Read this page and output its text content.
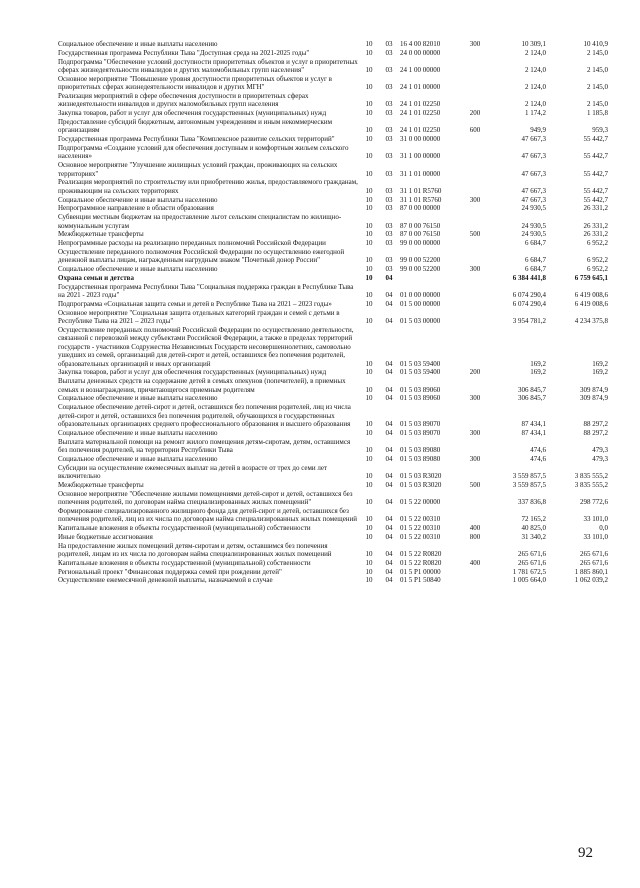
Социальное обеспечение и иные выплаты населению	10	03	16 4 00 82010	300	10 309,1	10 410,9
Государственная программа Республики Тыва "Доступная среда на 2021-2025 годы"	10	03	24 0 00 00000		2 124,0	2 145,0
Подпрограмма "Обеспечение условий доступности приоритетных объектов и услуг в приоритетных сферах жизнедеятельности инвалидов и других маломобильных групп населения"	10	03	24 1 00 00000		2 124,0	2 145,0
Основное мероприятие "Повышение уровня доступности приоритетных объектов и услуг в приоритетных сферах жизнедеятельности инвалидов и других МГН"	10	03	24 1 01 00000		2 124,0	2 145,0
Реализация мероприятий в сфере обеспечения доступности в приоритетных сферах жизнедеятельности инвалидов и других маломобильных групп населения	10	03	24 1 01 02250		2 124,0	2 145,0
Закупка товаров, работ и услуг для обеспечения государственных (муниципальных) нужд	10	03	24 1 01 02250	200	1 174,2	1 185,8
Предоставление субсидий бюджетным, автономным учреждениям и иным некоммерческим организациям	10	03	24 1 01 02250	600	949,9	959,3
Государственная программа Республики Тыва "Комплексное развитие сельских территорий"	10	03	31 0 00 00000		47 667,3	55 442,7
Подпрограмма «Создание условий для обеспечения доступным и комфортным жильем сельского населения»	10	03	31 1 00 00000		47 667,3	55 442,7
Основное мероприятие "Улучшение жилищных условий граждан, проживающих на сельских территориях"	10	03	31 1 01 00000		47 667,3	55 442,7
Реализация мероприятий по строительству или приобретению жилья, предоставляемого гражданам, проживающим на сельских территориях	10	03	31 1 01 R5760		47 667,3	55 442,7
Социальное обеспечение и иные выплаты населению	10	03	31 1 01 R5760	300	47 667,3	55 442,7
Непрограммное направление в области образования	10	03	87 0 00 00000		24 930,5	26 331,2
Субвенции местным бюджетам на предоставление льгот сельским специалистам по жилищно-коммунальным услугам	10	03	87 0 00 76150		24 930,5	26 331,2
Межбюджетные трансферты	10	03	87 0 00 76150	500	24 930,5	26 331,2
Непрограммные расходы на реализацию переданных полномочий Российской Федерации	10	03	99 0 00 00000		6 684,7	6 952,2
Осуществление переданного полномочия Российской Федерации по осуществлению ежегодной денежной выплаты лицам, награжденным нагрудным знаком "Почетный донор России"	10	03	99 0 00 52200		6 684,7	6 952,2
Социальное обеспечение и иные выплаты населению	10	03	99 0 00 52200	300	6 684,7	6 952,2
Охрана семьи и детства	10	04			6 384 441,8	6 759 645,1
Государственная программа Республики Тыва "Социальная поддержка граждан в Республике Тыва на 2021 - 2023 годы"	10	04	01 0 00 00000		6 074 290,4	6 419 008,6
Подпрограмма «Социальная защита семьи и детей в Республике Тыва на 2021 – 2023 годы»	10	04	01 5 00 00000		6 074 290,4	6 419 008,6
Основное мероприятие "Социальная защита отдельных категорий граждан и семей с детьми в Республике Тыва на 2021 – 2023 годы"	10	04	01 5 03 00000		3 954 781,2	4 234 375,8
Осуществление переданных полномочий Российской Федерации по осуществлению деятельности, связанной с перевозкой между субъектами Российской Федерации, а также в пределах территорий государств - участников Содружества Независимых Государств несовершеннолетних, самовольно ушедших из семей, организаций для детей-сирот и детей, оставшихся без попечения родителей, образовательных организаций и иных организаций	10	04	01 5 03 59400		169,2	169,2
Закупка товаров, работ и услуг для обеспечения государственных (муниципальных) нужд	10	04	01 5 03 59400	200	169,2	169,2
Выплаты денежных средств на содержание детей в семьях опекунов (попечителей), в приемных семьях и вознаграждения, причитающегося приемным родителям	10	04	01 5 03 89060		306 845,7	309 874,9
Социальное обеспечение и иные выплаты населению	10	04	01 5 03 89060	300	306 845,7	309 874,9
Социальное обеспечение детей-сирот и детей, оставшихся без попечения родителей, лиц из числа детей-сирот и детей, оставшихся без попечения родителей, обучающихся в государственных образовательных организациях среднего профессионального образования и высшего образования	10	04	01 5 03 89070		87 434,1	88 297,2
Социальное обеспечение и иные выплаты населению	10	04	01 5 03 89070	300	87 434,1	88 297,2
Выплата материальной помощи на ремонт жилого помещения детям-сиротам, детям, оставшимся без попечения родителей, на территории Республики Тыва	10	04	01 5 03 89080		474,6	479,3
Социальное обеспечение и иные выплаты населению	10	04	01 5 03 89080	300	474,6	479,3
Субсидии на осуществление ежемесячных выплат на детей в возрасте от трех до семи лет включительно	10	04	01 5 03 R3020		3 559 857,5	3 835 555,2
Межбюджетные трансферты	10	04	01 5 03 R3020	500	3 559 857,5	3 835 555,2
Основное мероприятие "Обеспечение жилыми помещениями детей-сирот и детей, оставшихся без попечения родителей, по договорам найма специализированных жилых помещений"	10	04	01 5 22 00000		337 836,8	298 772,6
Формирование специализированного жилищного фонда для детей-сирот и детей, оставшихся без попечения родителей, лиц из их числа по договорам найма специализированных жилых помещений	10	04	01 5 22 00310		72 165,2	33 101,0
Капитальные вложения в объекты государственной (муниципальной) собственности	10	04	01 5 22 00310	400	40 825,0	0,0
Иные бюджетные ассигнования	10	04	01 5 22 00310	800	31 340,2	33 101,0
На предоставление жилых помещений детям-сиротам и детям, оставшимся без попечения родителей, лицам из их числа по договорам найма специализированных жилых помещений	10	04	01 5 22 R0820		265 671,6	265 671,6
Капитальные вложения в объекты государственной (муниципальной) собственности	10	04	01 5 22 R0820	400	265 671,6	265 671,6
Региональный проект "Финансовая поддержка семей при рождении детей"	10	04	01 5 P1 00000		1 781 672,5	1 885 860,1
Осуществление ежемесячной денежной выплаты, назначаемой в случае	10	04	01 5 P1 50840		1 005 664,0	1 062 039,2
92
